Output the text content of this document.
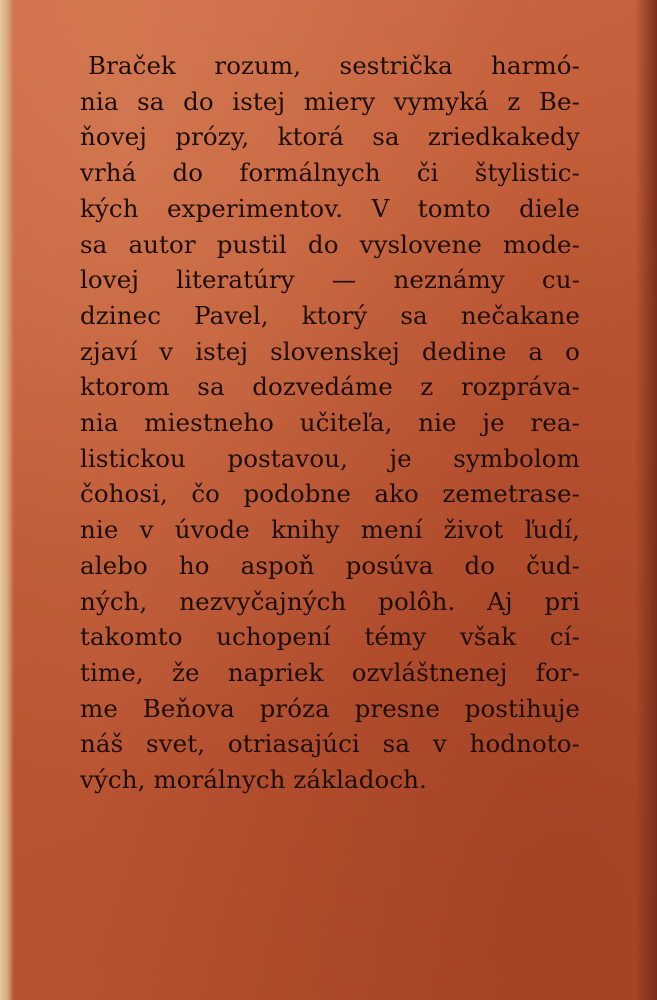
Braček rozum, sestrička harmó-
nia sa do istej miery vymyká z Be-
ňovej prózy, ktorá sa zriedkakedy
vrhá do formálnych či štylistic-
kých experimentov. V tomto diele
sa autor pustil do vyslovene mode-
lovej literatúry — neznámy cu-
dzinec Pavel, ktorý sa nečakane
zjaví v istej slovenskej dedine a o
ktorom sa dozvedáme z rozpráva-
nia miestneho učiteľa, nie je rea-
listickou postavou, je symbolom
čohosi, čo podobne ako zemetrase-
nie v úvode knihy mení život ľudí,
alebo ho aspoň posúva do čud-
ných, nezvyčajných polôh. Aj pri
takomto uchopení témy však cí-
time, že napriek ozvláštnenej for-
me Beňova próza presne postihuje
náš svet, otriasajúci sa v hodnoto-
vých, morálnych základoch.
